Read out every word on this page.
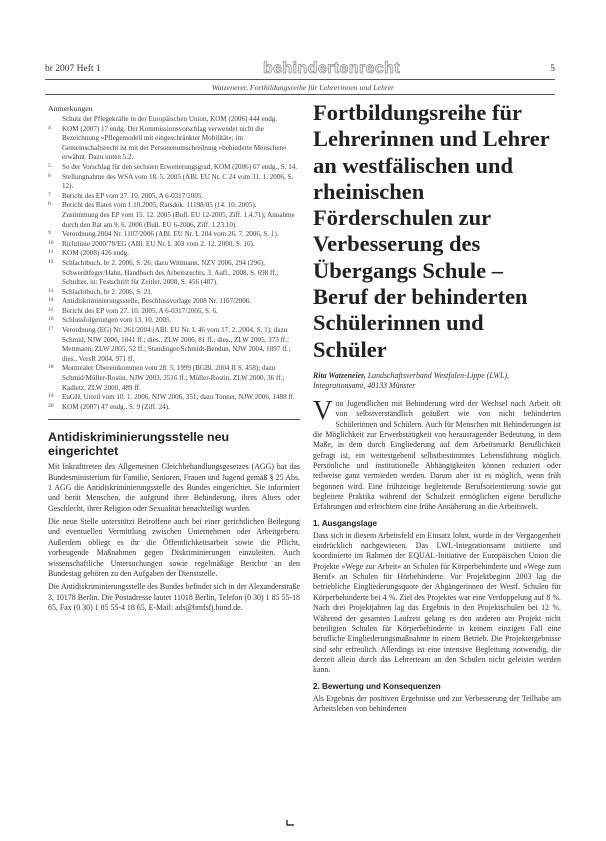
br 2007 Heft 1	behindertenrecht	5
Watzenerer, Fortbildungsreihe für Lehrerinnen und Lehrer
Anmerkungen
Schutz der Pflegekräfte in der Europäischen Union, KOM (2006) 444 endg.
4 KOM (2007) 17 endg. Der Kommissionsvorschlag verwendet nicht die Bezeichnung »Pflegemodell mit eingeschränkter Mobilität«; im Gemeinschaftsrecht ist mit der Personenumschreibung »behinderte Menschen« erwähnt. Dazu unten 5.2.
5 So der Vorschlag für den sechsten Erweiterungsgrad, KOM (2006) 67 endg., S. 14.
6 Stellungnahme des WSA vom 18. 5. 2005 (ABl. EU Nr. C 24 vom 31. 1. 2006, S. 12).
7 Bericht des EP vom 27. 10. 2005, A 6-0317/2005.
8 Bericht des Rates vom 1.10.2005, Ratsdok. 11198/05 (14. 10. 2005).
Zustimmung des EP vom 15. 12. 2005 (Bull. EU 12-2005, Ziff. 1.4.71); Annahme durch den Rat am 9. 6. 2006 (Bull. EU 6-2006, Ziff. 1.23.10).
9 Verordnung 2004 Nr. 1107/2006 (ABl. EU Nr. L 204 vom 26. 7. 2006, S. 1).
10 Richtlinie 2000/78/EG (ABl. EU Nr. L 303 vom 2. 12. 2000, S. 16).
11 KOM (2008) 426 endg.
12 Schlachtbuch, br 2. 2006, S. 26; dazu Wittmann, NZV 2006, 294 (296); Schwerdtfeger/Hahn, Handbuch des Arbeitsrechts, 3. Aufl., 2008, S. 698 ff.; Schultze, in: Festschrift für Zeitler, 2008, S. 456 (487).
13 Schlachtbuch, br 2. 2006, S. 21.
14 Antidiskriminierungsstelle, Beschlussvorlage 2008 Nr. 1107/2006.
15 Bericht des EP vom 27. 10. 2005, A 6-0317/2005, S. 6.
16 Schlussfolgerungen vom 13. 10. 2005.
17 Verordnung (EG) Nr. 261/2004 (ABl. EU Nr. L 46 vom 17. 2. 2004, S. 1); dazu Schmid, NJW 2006, 1841 ff.; dies., ZLW 2006, 81 ff.; dies., ZLW 2005, 373 ff.; Mettmann, ZLW 2005, 52 ff.; Staudinger/Schmidt-Bendun, NJW 2004, 1897 ff.; dies., VersR 2004, 971 ff.
18 Montrealer Übereinkommen vom 28. 5. 1999 (BGBl. 2004 II S. 458); dazu Schmid/Müller-Rostin, NJW 2003, 3516 ff.; Müller-Rostin, ZLW 2000, 36 ff.; Kadletz, ZLW 2000, 489 ff.
19 EuGH, Urteil vom 10. 1. 2006, NJW 2006, 351; dazu Tonner, NJW 2006, 1488 ff.
20 KOM (2007) 47 endg., S. 9 (Ziff. 24).
Antidiskriminierungsstelle neu eingerichtet

Mit Inkrafttreten des Allgemeinen Gleichbehandlungsgesetzes (AGG) hat das Bundesministerium für Familie, Senioren, Frauen und Jugend gemäß § 25 Abs. 1 AGG die Antidiskriminierungsstelle des Bundes eingerichtet. Sie informiert und berät Menschen, die aufgrund ihrer Behinderung, ihres Alters oder Geschlecht, ihrer Religion oder Sexualität benachteiligt wurden.

Die neue Stelle unterstützt Betroffene auch bei einer gerichtlichen Beilegung und eventuellen Vermittlung zwischen Unternehmen oder Arbeitgebern. Außerdem obliegt es ihr die Öffentlichkeitsarbeit sowie die Pflicht, vorbeugende Maßnahmen gegen Diskriminierungen einzuleiten. Auch wissenschaftliche Untersuchungen sowie regelmäßige Berichte an den Bundestag gehören zu den Aufgaben der Dienststelle.

Die Antidiskriminierungsstelle des Bundes befindet sich in der Alexanderstraße 3, 10178 Berlin. Die Postadresse lautet 11018 Berlin, Telefon (0 30) 1 85 55-18 65, Fax (0 30) 1 85 55-4 18 65, E-Mail: ads@bmfsfj.bund.de.

Fortbildungsreihe für Lehrerinnen und Lehrer an westfälischen und rheinischen Förderschulen zur Verbesserung des Übergangs Schule – Beruf der behinderten Schülerinnen und Schüler

Rita Watzeneier, Landschaftsverband Westfalen-Lippe (LWL), Integrationsamt, 48133 Münster

Von Jugendlichen mit Behinderung wird der Wechsel nach Arbeit oft von selbstverständlich geäußert wie von nicht behinderten Schülerinnen und Schülern. Auch für Menschen mit Behinderungen ist die Möglichkeit zur Erwerbstätigkeit von herausragender Bedeutung, in dem Maße, in dem durch Eingliederung auf dem Arbeitsmarkt Beruflichkeit gefragt ist, ein weitestgehend selbstbestimmtes Lebensführung möglich. Persönliche und institutionelle Abhängigkeiten können reduziert oder teilweise ganz vermieden werden. Darum aber ist es möglich, wenn früh begonnen wird. Eine frühzeitige begleitende Berufsorientierung sowie gut begleitete Praktika während der Schulzeit ermöglichen eigene berufliche Erfahrungen und erleichtern eine frühe Annäherung an die Arbeitswelt.

1. Ausgangslage

Dass sich in diesem Arbeitsfeld ein Einsatz lohnt, wurde in der Vergangenheit eindrücklich nachgewiesen. Das LWL-Integrationsamt initiierte und koordinierte im Rahmen der EQUAL-Initiative der Europäischen Union die Projekte »Wege zur Arbeit« an Schulen für Körperbehinderte und »Wege zum Beruf« an Schulen für Hörbehinderte. Vor Projektbeginn 2003 lag die betriebliche Eingliederungsquote der Abgängerinnen der Westf. Schulen für Körperbehinderte bei 4 %. Ziel des Projektes war eine Verdoppelung auf 8 %. Nach drei Projektjahren lag das Ergebnis in den Projektschulen bei 12 %. Während der gesamten Laufzeit gelang es den anderen am Projekt nicht beteiligten Schulen für Körperbehinderte in keinem einzigen Fall eine berufliche Eingliederungsmaßnahme in einem Betrieb. Die Projektergebnisse sind sehr erfreulich. Allerdings ist eine intensive Begleitung notwendig, die derzeit allein durch das Lehrerteam an den Schulen nicht geleistet werden kann.

2. Bewertung und Konsequenzen

Als Ergebnis der positiven Ergebnisse und zur Verbesserung der Teilhabe am Arbeitsleben von behinderten
